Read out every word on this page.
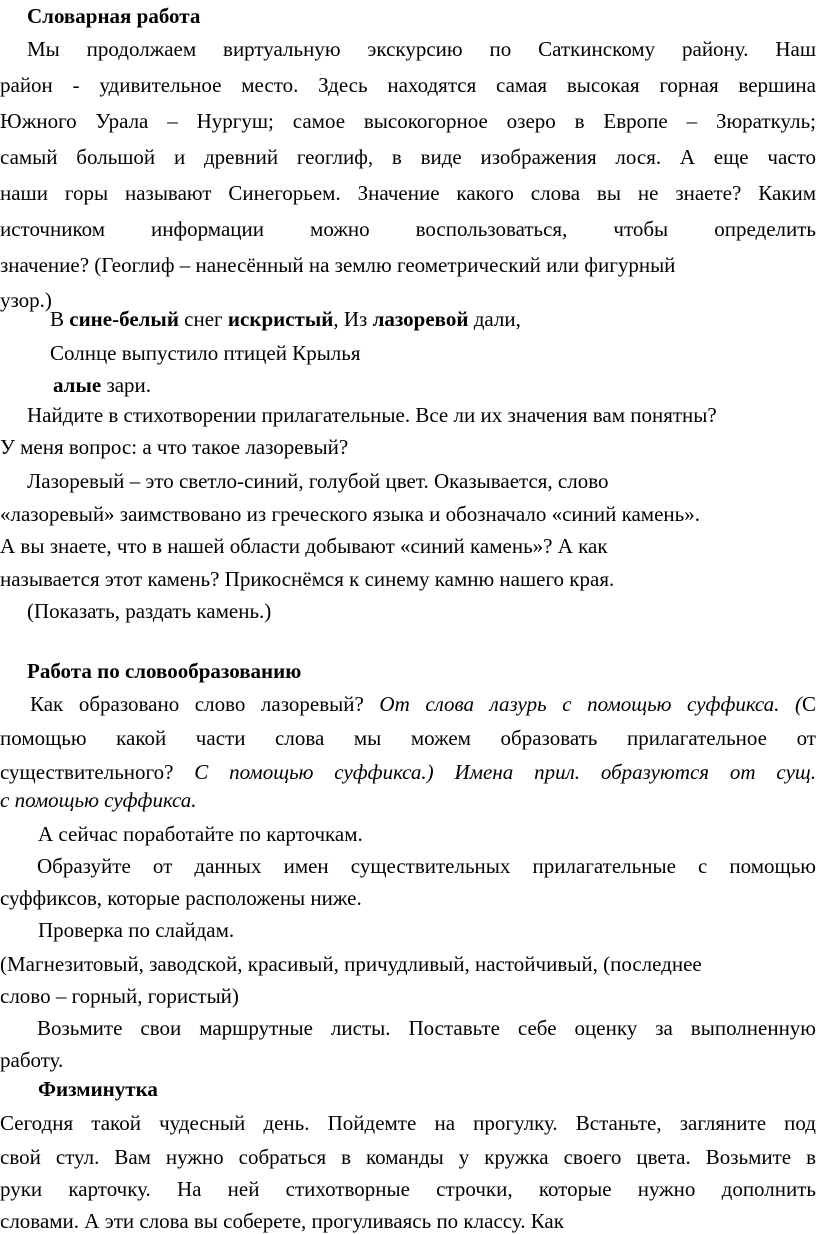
Словарная работа
Мы продолжаем виртуальную экскурсию по Саткинскому району. Наш
район - удивительное место. Здесь находятся самая высокая горная вершина
Южного Урала – Нургуш; самое высокогорное озеро в Европе – Зюраткуль;
самый большой и древний геоглиф, в виде изображения лося. А еще часто
наши горы называют Синегорьем. Значение какого слова вы не знаете? Каким
источником информации можно воспользоваться, чтобы определить
значение? (Геоглиф – нанесённый на землю геометрический или фигурный
узор.)
В сине-белый снег искристый, Из лазоревой дали,
Солнце выпустило птицей Крылья
алые зари.
Найдите в стихотворении прилагательные. Все ли их значения вам понятны?
У меня вопрос: а что такое лазоревый?
Лазоревый – это светло-синий, голубой цвет. Оказывается, слово
«лазоревый» заимствовано из греческого языка и обозначало «синий камень».
А вы знаете, что в нашей области добывают «синий камень»? А как
называется этот камень? Прикоснёмся к синему камню нашего края.
(Показать, раздать камень.)
Работа по словообразованию
Как образовано слово лазоревый? От слова лазурь с помощью суффикса. (С
помощью какой части слова мы можем образовать прилагательное от
существительного? С помощью суффикса.) Имена прил. образуются от сущ.
с помощью суффикса.
А сейчас поработайте по карточкам.
Образуйте от данных имен существительных прилагательные с помощью
суффиксов, которые расположены ниже.
Проверка по слайдам.
(Магнезитовый, заводской, красивый, причудливый, настойчивый, (последнее
слово – горный, гористый)
Возьмите свои маршрутные листы. Поставьте себе оценку за выполненную
работу.
Физминутка
Сегодня такой чудесный день. Пойдемте на прогулку. Встаньте, загляните под
свой стул. Вам нужно собраться в команды у кружка своего цвета. Возьмите в
руки карточку. На ней стихотворные строчки, которые нужно дополнить
словами. А эти слова вы соберете, прогуливаясь по классу. Как
